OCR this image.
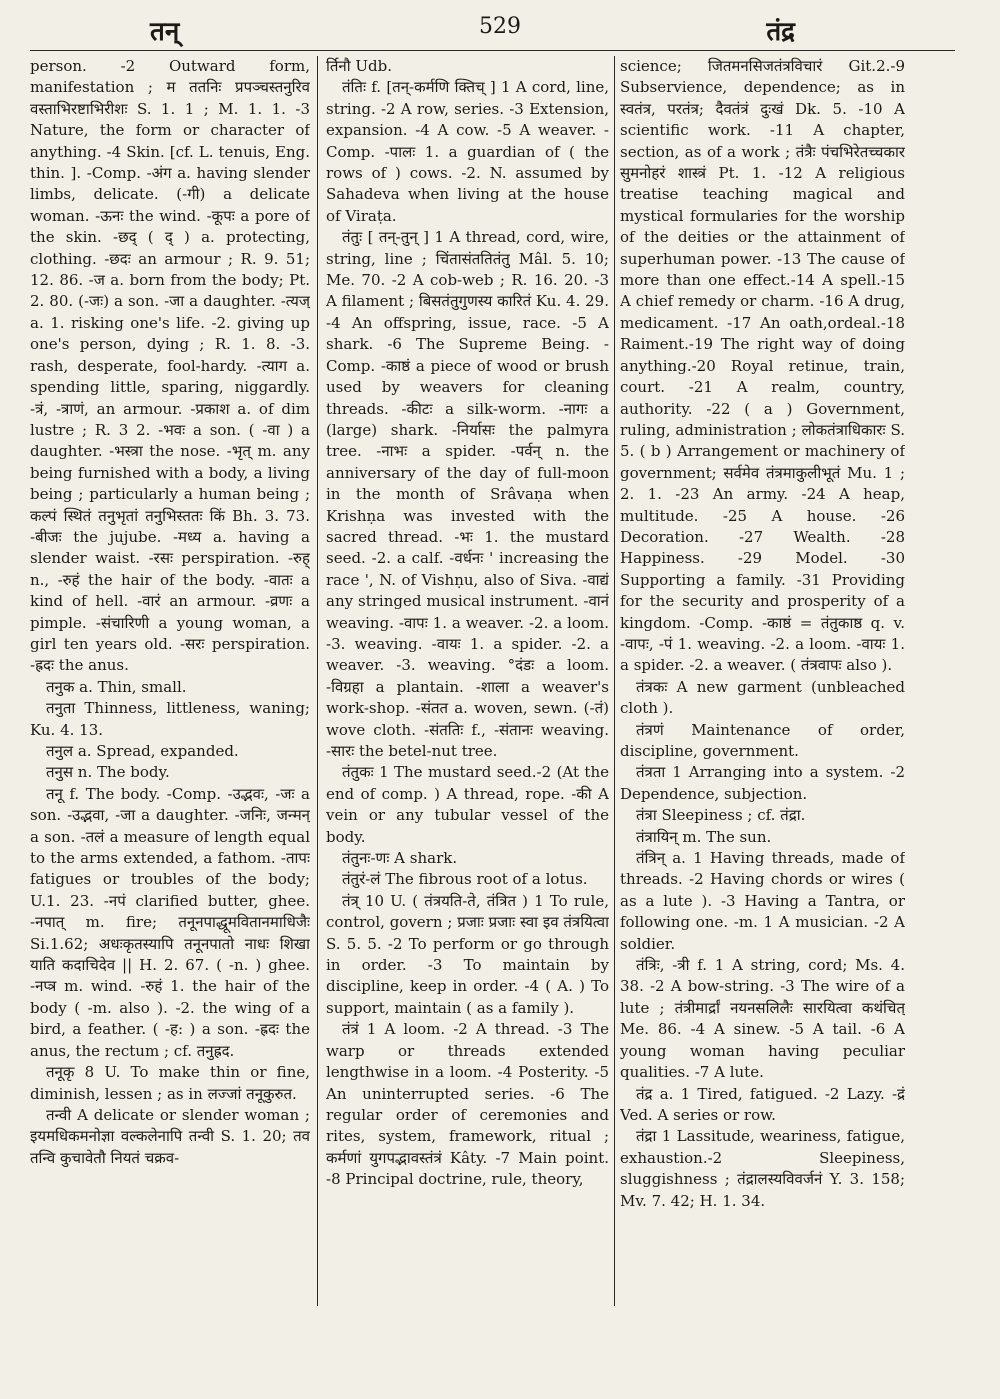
तन्	529	तंद्र

person. -2 Outward form, manifestation ; म ततनिः प्रपञ्चस्तनुरिव वस्ताभिरष्टाभिरीशः S. 1. 1 ; M. 1. 1. -3 Nature, the form or character of anything. -4 Skin. [cf. L. tenuis, Eng. thin. ]. -Comp. -अंग a. having slender limbs, delicate. (-गी) a delicate woman. -ऊनः the wind. -कूपः a pore of the skin. -छद् ( द् ) a. protecting, clothing. -छदः an armour ; R. 9. 51; 12. 86. -ज a. born from the body; Pt. 2. 80. (-जः) a son. -जा a daughter. -त्यज् a. 1. risking one's life. -2. giving up one's person, dying ; R. 1. 8. -3. rash, desperate, fool-hardy. -त्याग a. spending little, sparing, niggardly. -त्रं, -त्राणं, an armour. -प्रकाश a. of dim lustre ; R. 3 2. -भवः a son. ( -वा ) a daughter. -भस्त्रा the nose. -भृत् m. any being furnished with a body, a living being ; particularly a human being ; कल्पं स्थितं तनुभृतां तनुभिस्ततः किं Bh. 3. 73. -बीजः the jujube. -मध्य a. having a slender waist. -रसः perspiration. -रुह् n., -रुहं the hair of the body. -वातः a kind of hell. -वारं an armour. -व्रणः a pimple. -संचारिणी a young woman, a girl ten years old. -सरः perspiration. -ह्रदः the anus.

तनुक a. Thin, small.

तनुता Thinness, littleness, waning; Ku. 4. 13.

तनुल a. Spread, expanded.

तनुस n. The body.

तनू f. The body. -Comp. -उद्भवः, -जः a son. -उद्भवा, -जा a daughter. -जनिः, जन्मन् a son. -तलं a measure of length equal to the arms extended, a fathom. -तापः fatigues or troubles of the body; U.1. 23. -नपं clarified butter, ghee. -नपात् m. fire; तनूनपाद्धूमवितानमाधिजैः Si.1.62; अधःकृतस्यापि तनूनपातो नाधः शिखा याति कदाचिदेव || H. 2. 67. ( -n. ) ghee. -नप्त्र m. wind. -रुहं 1. the hair of the body ( -m. also ). -2. the wing of a bird, a feather. ( -ह: ) a son. -ह्रदः the anus, the rectum ; cf. तनुह्रद.

तनूकृ 8 U. To make thin or fine, diminish, lessen ; as in लज्जां तनूकुरुत.

तन्वी A delicate or slender woman ; इयमधिकमनोज्ञा वल्कलेनापि तन्वी S. 1. 20; तव तन्वि कुचावेतौ नियतं चक्रव-

र्तिनौ Udb.

तंतिः f. [तन्-कर्मणि क्तिच् ] 1 A cord, line, string. -2 A row, series. -3 Extension, expansion. -4 A cow. -5 A weaver. -Comp. -पालः 1. a guardian of ( the rows of ) cows. -2. N. assumed by Sahadeva when living at the house of Viraṭa.

तंतुः [ तन्-तुन् ] 1 A thread, cord, wire, string, line ; चिंतासंततितंतु Mâl. 5. 10; Me. 70. -2 A cob-web ; R. 16. 20. -3 A filament ; बिसतंतुगुणस्य कारितं Ku. 4. 29. -4 An offspring, issue, race. -5 A shark. -6 The Supreme Being. -Comp. -काष्ठं a piece of wood or brush used by weavers for cleaning threads. -कीटः a silk-worm. -नागः a (large) shark. -निर्यासः the palmyra tree. -नाभः a spider. -पर्वन् n. the anniversary of the day of full-moon in the month of Srâvaṇa when Krishṇa was invested with the sacred thread. -भः 1. the mustard seed. -2. a calf. -वर्धनः ' increasing the race ', N. of Vishṇu, also of Siva. -वाद्यं any stringed musical instrument. -वानं weaving. -वापः 1. a weaver. -2. a loom. -3. weaving. -वायः 1. a spider. -2. a weaver. -3. weaving. °दंडः a loom. -विग्रहा a plantain. -शाला a weaver's work-shop. -संतत a. woven, sewn. (-तं) wove cloth. -संततिः f., -संतानः weaving. -सारः the betel-nut tree.

तंतुकः 1 The mustard seed.-2 (At the end of comp. ) A thread, rope. -की A vein or any tubular vessel of the body.

तंतुनः-णः A shark.

तंतुरं-लं The fibrous root of a lotus.

तंत्र् 10 U. ( तंत्रयति-ते, तंत्रित ) 1 To rule, control, govern ; प्रजाः प्रजाः स्वा इव तंत्रयित्वा S. 5. 5. -2 To perform or go through in order. -3 To maintain by discipline, keep in order. -4 ( A. ) To support, maintain ( as a family ).

तंत्रं 1 A loom. -2 A thread. -3 The warp or threads extended lengthwise in a loom. -4 Posterity. -5 An uninterrupted series. -6 The regular order of ceremonies and rites, system, framework, ritual ; कर्मणां युगपद्भावस्तंत्रं Kâty. -7 Main point. -8 Principal doctrine, rule, theory,

science; जितमनसिजतंत्रविचारं Git.2.-9 Subservience, dependence; as in स्वतंत्र, परतंत्र; दैवतंत्रं दुःखं Dk. 5. -10 A scientific work. -11 A chapter, section, as of a work ; तंत्रैः पंचभिरेतच्चकार सुमनोहरं शास्त्रं Pt. 1. -12 A religious treatise teaching magical and mystical formularies for the worship of the deities or the attainment of superhuman power. -13 The cause of more than one effect.-14 A spell.-15 A chief remedy or charm. -16 A drug, medicament. -17 An oath,ordeal.-18 Raiment.-19 The right way of doing anything.-20 Royal retinue, train, court. -21 A realm, country, authority. -22 ( a ) Government, ruling, administration ; लोकतंत्राधिकारः S. 5. ( b ) Arrangement or machinery of government; सर्वमेव तंत्रमाकुलीभूतं Mu. 1 ; 2. 1. -23 An army. -24 A heap, multitude. -25 A house. -26 Decoration. -27 Wealth. -28 Happiness. -29 Model. -30 Supporting a family. -31 Providing for the security and prosperity of a kingdom. -Comp. -काष्ठं = तंतुकाष्ठ q. v. -वापः, -पं 1. weaving. -2. a loom. -वायः 1. a spider. -2. a weaver. ( तंत्रवापः also ).

तंत्रकः A new garment (unbleached cloth ).

तंत्रणं Maintenance of order, discipline, government.

तंत्रता 1 Arranging into a system. -2 Dependence, subjection.

तंत्रा Sleepiness ; cf. तंद्रा.

तंत्रायिन् m. The sun.

तंत्रिन् a. 1 Having threads, made of threads. -2 Having chords or wires ( as a lute ). -3 Having a Tantra, or following one. -m. 1 A musician. -2 A soldier.

तंत्रिः, -त्री f. 1 A string, cord; Ms. 4. 38. -2 A bow-string. -3 The wire of a lute ; तंत्रीमार्द्रां नयनसलिलैः सारयित्वा कथंचित् Me. 86. -4 A sinew. -5 A tail. -6 A young woman having peculiar qualities. -7 A lute.

तंद्र a. 1 Tired, fatigued. -2 Lazy. -द्रं Ved. A series or row.

तंद्रा 1 Lassitude, weariness, fatigue, exhaustion.-2 Sleepiness, sluggishness ; तंद्रालस्यविवर्जनं Y. 3. 158; Mv. 7. 42; H. 1. 34.
